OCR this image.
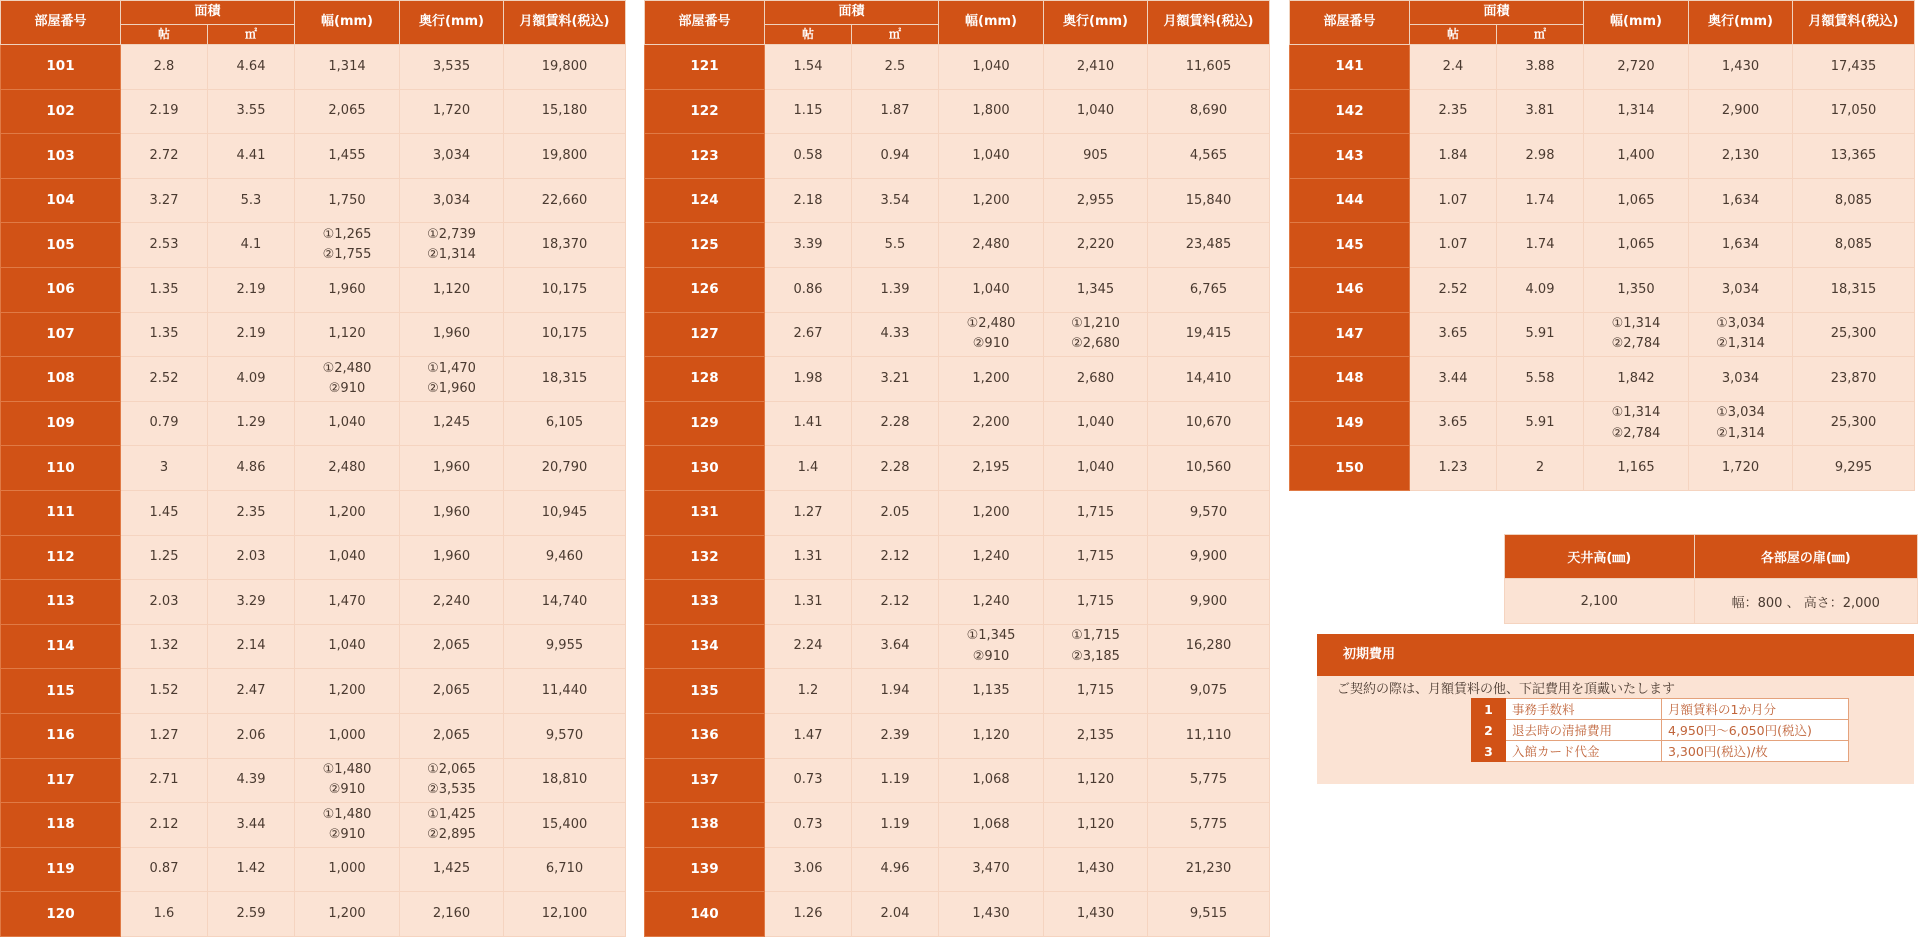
部屋番号	面積		幅(mm)	奥行(mm)	月額賃料(税込)
	帖	㎡			
101	2.8	4.64	1,314	3,535	19,800
102	2.19	3.55	2,065	1,720	15,180
103	2.72	4.41	1,455	3,034	19,800
104	3.27	5.3	1,750	3,034	22,660
105	2.53	4.1	①1,265
②1,755	①2,739
②1,314	18,370
106	1.35	2.19	1,960	1,120	10,175
107	1.35	2.19	1,120	1,960	10,175
108	2.52	4.09	①2,480
②910	①1,470
②1,960	18,315
109	0.79	1.29	1,040	1,245	6,105
110	3	4.86	2,480	1,960	20,790
111	1.45	2.35	1,200	1,960	10,945
112	1.25	2.03	1,040	1,960	9,460
113	2.03	3.29	1,470	2,240	14,740
114	1.32	2.14	1,040	2,065	9,955
115	1.52	2.47	1,200	2,065	11,440
116	1.27	2.06	1,000	2,065	9,570
117	2.71	4.39	①1,480
②910	①2,065
②3,535	18,810
118	2.12	3.44	①1,480
②910	①1,425
②2,895	15,400
119	0.87	1.42	1,000	1,425	6,710
120	1.6	2.59	1,200	2,160	12,100
部屋番号	面積		幅(mm)	奥行(mm)	月額賃料(税込)
	帖	㎡			
121	1.54	2.5	1,040	2,410	11,605
122	1.15	1.87	1,800	1,040	8,690
123	0.58	0.94	1,040	905	4,565
124	2.18	3.54	1,200	2,955	15,840
125	3.39	5.5	2,480	2,220	23,485
126	0.86	1.39	1,040	1,345	6,765
127	2.67	4.33	①2,480
②910	①1,210
②2,680	19,415
128	1.98	3.21	1,200	2,680	14,410
129	1.41	2.28	2,200	1,040	10,670
130	1.4	2.28	2,195	1,040	10,560
131	1.27	2.05	1,200	1,715	9,570
132	1.31	2.12	1,240	1,715	9,900
133	1.31	2.12	1,240	1,715	9,900
134	2.24	3.64	①1,345
②910	①1,715
②3,185	16,280
135	1.2	1.94	1,135	1,715	9,075
136	1.47	2.39	1,120	2,135	11,110
137	0.73	1.19	1,068	1,120	5,775
138	0.73	1.19	1,068	1,120	5,775
139	3.06	4.96	3,470	1,430	21,230
140	1.26	2.04	1,430	1,430	9,515
部屋番号	面積		幅(mm)	奥行(mm)	月額賃料(税込)
	帖	㎡			
141	2.4	3.88	2,720	1,430	17,435
142	2.35	3.81	1,314	2,900	17,050
143	1.84	2.98	1,400	2,130	13,365
144	1.07	1.74	1,065	1,634	8,085
145	1.07	1.74	1,065	1,634	8,085
146	2.52	4.09	1,350	3,034	18,315
147	3.65	5.91	①1,314
②2,784	①3,034
②1,314	25,300
148	3.44	5.58	1,842	3,034	23,870
149	3.65	5.91	①1,314
②2,784	①3,034
②1,314	25,300
150	1.23	2	1,165	1,720	9,295
天井高(㎜)	各部屋の扉(㎜)
2,100	幅：800 、 高さ：2,000
初期費用
ご契約の際は、月額賃料の他、下記費用を頂戴いたします
1	事務手数料	月額賃料の1か月分
2	退去時の清掃費用	4,950円～6,050円(税込)
3	入館カード代金	3,300円(税込)/枚
